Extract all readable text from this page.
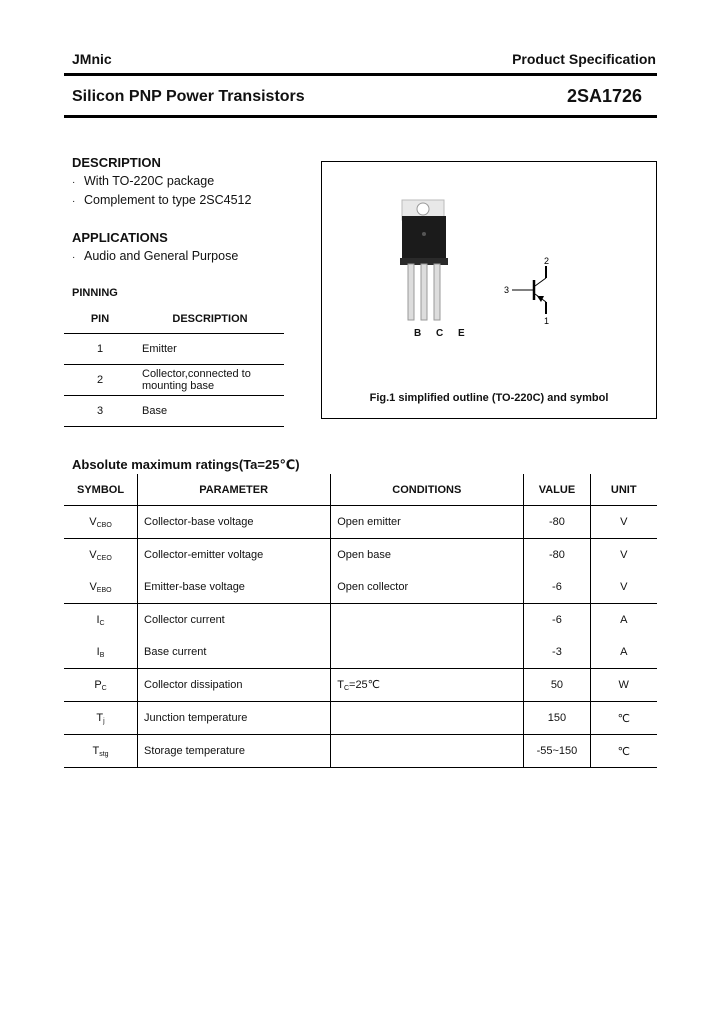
JMnic	Product Specification
Silicon PNP Power Transistors	2SA1726
DESCRIPTION
· With TO-220C package
· Complement to type 2SC4512
APPLICATIONS
· Audio and General Purpose
PINNING
PIN	DESCRIPTION
1	Emitter
2	Collector,connected to mounting base
3	Base
B C E
2
3
1
Fig.1 simplified outline (TO-220C) and symbol
Absolute maximum ratings(Ta=25℃)
SYMBOL	PARAMETER	CONDITIONS	VALUE	UNIT
$V_{CBO}$	Collector-base voltage	Open emitter	-80	V
$V_{CEO}$	Collector-emitter voltage	Open base	-80	V
$V_{EBO}$	Emitter-base voltage	Open collector	-6	V
$I_C$	Collector current		-6	A
$I_B$	Base current		-3	A
$P_C$	Collector dissipation	$T_C=25℃$	50	W
$T_j$	Junction temperature		150	℃
$T_{stg}$	Storage temperature		-55~150	℃
